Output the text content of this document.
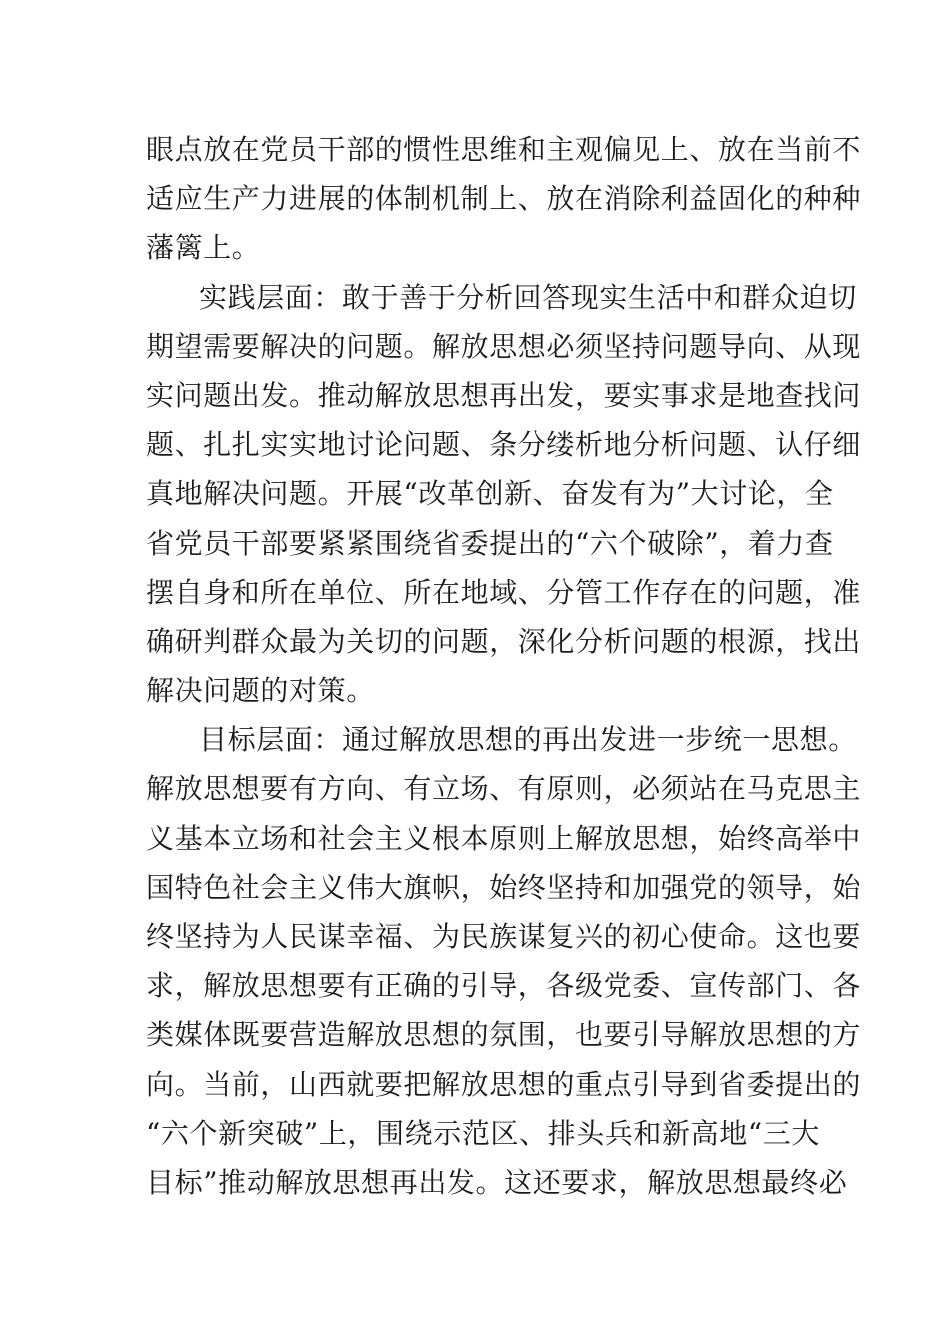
眼点放在党员干部的惯性思维和主观偏见上、放在当前不
适应生产力进展的体制机制上、放在消除利益固化的种种
藩篱上。
实践层面：敢于善于分析回答现实生活中和群众迫切
期望需要解决的问题。解放思想必须坚持问题导向、从现
实问题出发。推动解放思想再出发，要实事求是地查找问
题、扎扎实实地讨论问题、条分缕析地分析问题、认仔细
真地解决问题。开展“改革创新、奋发有为”大讨论，全
省党员干部要紧紧围绕省委提出的“六个破除”，着力查
摆自身和所在单位、所在地域、分管工作存在的问题，准
确研判群众最为关切的问题，深化分析问题的根源，找出
解决问题的对策。
目标层面：通过解放思想的再出发进一步统一思想。
解放思想要有方向、有立场、有原则，必须站在马克思主
义基本立场和社会主义根本原则上解放思想，始终高举中
国特色社会主义伟大旗帜，始终坚持和加强党的领导，始
终坚持为人民谋幸福、为民族谋复兴的初心使命。这也要
求，解放思想要有正确的引导，各级党委、宣传部门、各
类媒体既要营造解放思想的氛围，也要引导解放思想的方
向。当前，山西就要把解放思想的重点引导到省委提出的
“六个新突破”上，围绕示范区、排头兵和新高地“三大
目标”推动解放思想再出发。这还要求，解放思想最终必
